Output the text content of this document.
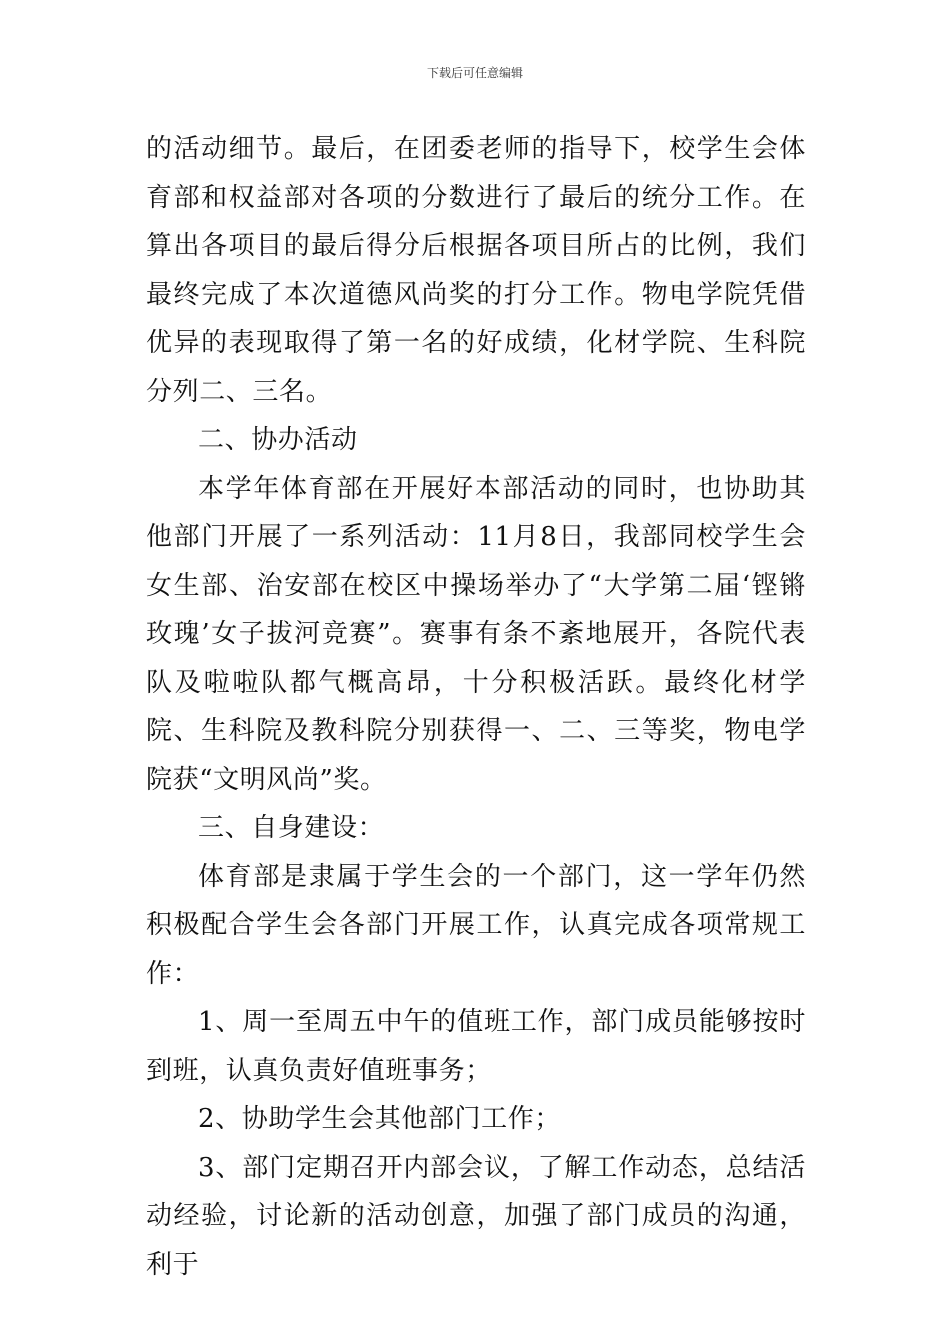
下载后可任意编辑

的活动细节。最后，在团委老师的指导下，校学生会体育部和权益部对各项的分数进行了最后的统分工作。在算出各项目的最后得分后根据各项目所占的比例，我们最终完成了本次道德风尚奖的打分工作。物电学院凭借优异的表现取得了第一名的好成绩，化材学院、生科院分列二、三名。

二、协办活动

本学年体育部在开展好本部活动的同时，也协助其他部门开展了一系列活动：11月8日，我部同校学生会女生部、治安部在校区中操场举办了“大学第二届‘铿锵玫瑰’女子拔河竞赛”。赛事有条不紊地展开，各院代表队及啦啦队都气概高昂，十分积极活跃。最终化材学院、生科院及教科院分别获得一、二、三等奖，物电学院获“文明风尚”奖。

三、自身建设：

体育部是隶属于学生会的一个部门，这一学年仍然积极配合学生会各部门开展工作，认真完成各项常规工作：

1、周一至周五中午的值班工作，部门成员能够按时到班，认真负责好值班事务；

2、协助学生会其他部门工作；

3、部门定期召开内部会议，了解工作动态，总结活动经验，讨论新的活动创意，加强了部门成员的沟通，利于
